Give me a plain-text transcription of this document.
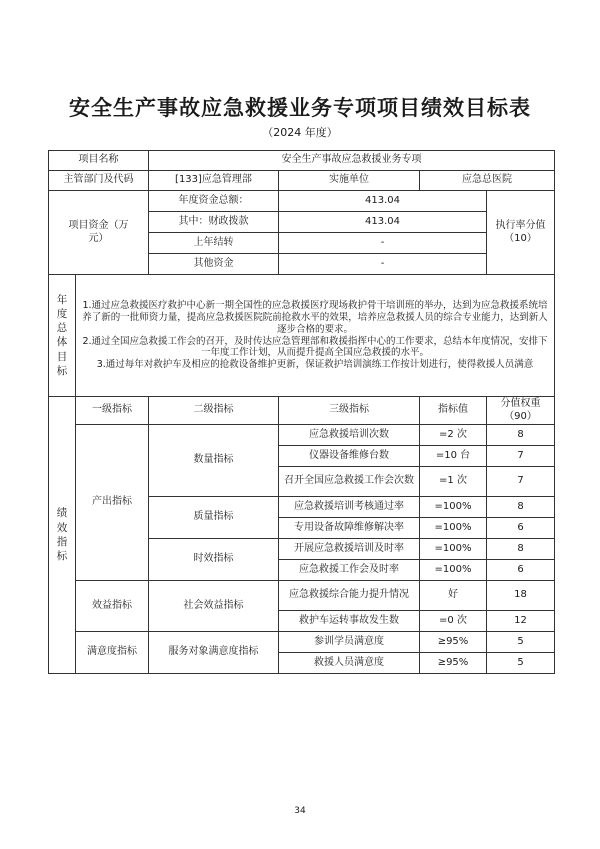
安全生产事故应急救援业务专项项目绩效目标表
（2024 年度）
项目名称		安全生产事故应急救援业务专项			
主管部门及代码		[133]应急管理部	实施单位	应急总医院	
项目资金（万元）		年度资金总额：	413.04		执行率分值（10）
		其中：财政拨款	413.04		
		上年结转	-		
		其他资金	-		
年度总体目标	1.通过应急救援医疗救护中心新一期全国性的应急救援医疗现场救护骨干培训班的举办，达到为应急救援系统培养了新的一批师资力量，提高应急救援医院院前抢救水平的效果，培养应急救援人员的综合专业能力，达到新人逐步合格的要求。
2.通过全国应急救援工作会的召开，及时传达应急管理部和救援指挥中心的工作要求，总结本年度情况，安排下一年度工作计划，从而提升提高全国应急救援的水平。
3.通过每年对救护车及相应的抢救设备维护更新，保证救护培训演练工作按计划进行，使得救援人员满意				

绩效指标	一级指标	二级指标	三级指标	指标值	分值权重（90）
	产出指标	数量指标	应急救援培训次数	=2 次	8
			仪器设备维修台数	=10 台	7
			召开全国应急救援工作会次数	=1 次	7
		质量指标	应急救援培训考核通过率	=100%	8
			专用设备故障维修解决率	=100%	6
		时效指标	开展应急救援培训及时率	=100%	8
			应急救援工作会及时率	=100%	6
	效益指标	社会效益指标	应急救援综合能力提升情况	好	18
			救护车运转事故发生数	=0 次	12
	满意度指标	服务对象满意度指标	参训学员满意度	≥95%	5
			救援人员满意度	≥95%	5
34
